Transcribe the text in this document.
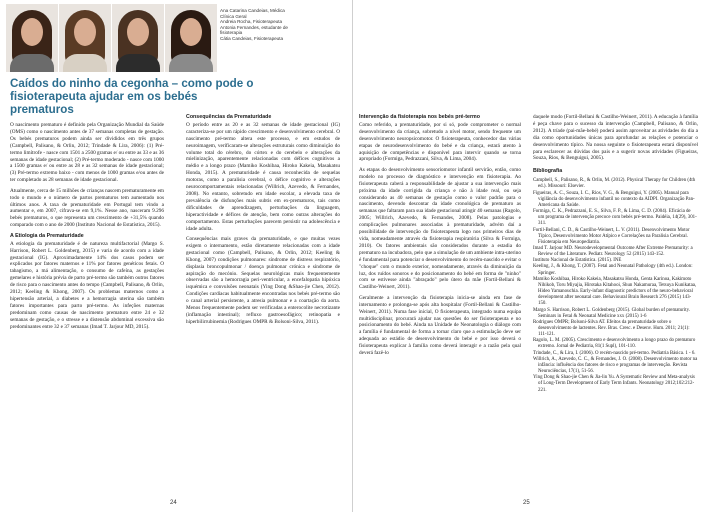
Ana Catarina Candeias, Médica
Clínica Geral
Andreia Rocha, Fisioterapeuta
Antonia Fernandes, estudante de
fisioterapia
Cátia Candeias, Fisioterapeuta
Caídos do ninho da cegonha – como pode o fisioterapeuta ajudar em os bebés prematuros

O nascimento prematuro é definido pela Organização Mundial da Saúde (OMS) como o nascimento antes de 37 semanas completas de gestação. Os bebés prematuros podem ainda ser divididos em três grupos (Campbell, Palisano, & Orlin, 2012; Trindade & Lira, 2006): (1) Pré-termo limítrofe - nasce com 1501 a 2500 gramas e/ ou entre as 33 e as 36 semanas de idade gestacional; (2) Pré-termo moderado - nasce com 1000 a 1500 gramas e/ ou entre as 28 e as 32 semanas de idade gestacional; (3) Pré-termo extremo baixo - com menos de 1000 gramas e/ou antes de ter completado as 28 semanas de idade gestacional.

Atualmente, cerca de 15 milhões de crianças nascem prematuramente em todo o mundo e o número de partos prematuros tem aumentado nos últimos anos. A taxa de prematuridade em Portugal tem vindo a aumentar e, em 2007, cifrava-se em 9,1%. Nesse ano, nasceram 9.296 bebés prematuros, o que representa um crescimento de +31,5% quando comparado com o ano de 2000 (Instituto Nacional de Estatística, 2015).

A Etiologia da Prematuridade

A etiologia da prematuridade é de natureza multifactorial (Margo S. Harrison, Robert L. Goldenberg, 2015) e varia de acordo com a idade gestacional (IG). Aproximadamente 14% dos casos podem ser explicados por fatores maternos e 11% por fatores genéticos fetais. O tabagismo, a má alimentação, o consumo de cafeína, as gestações gemelares e história prévia de parto pré-termo são também outros fatores de risco para o nascimento antes do tempo (Campbell, Palisano, & Orlin, 2012; Keeling & Khong, 2007). Os problemas maternos como a hipertensão arterial, a diabetes e a hemorragia uterina são também fatores importantes para parto pré-termo. As infeções maternas predominam como causas de nascimento prematuro entre 24 e 32 semanas de gestação, e o stresse e a distensão abdominal excessiva são predominantes entre 32 e 37 semanas (Imad T. Jarjour MD, 2015).

Consequências da Prematuridade

O período entre as 20 e as 32 semanas de idade gestacional (IG) caracteriza-se por um rápido crescimento e desenvolvimento cerebral. O nascimento pré-termo altera este processo, e em estudos de neuroimagem, verificaram-se alterações estruturais como diminuição do volume total do cérebro, do córtex e do cerebelo e alterações da mielinização, aparentemente relacionadas com défices cognitivos a médio e a longo prazo (Mamiko Koshibaa, Hiroko Kakeia, Masakatsu Honda, 2015). A prematuridade é causa reconhecida de sequelas motoras, como a paralisia cerebral, o défice cognitivo e alterações neurocomportamentais relacionadas (Willrich, Azevedo, & Fernandes, 2008). No entanto, sobretudo em idade escolar, a elevada taxa de prevalência de disfunções mais subtis em ex-prematuros, tais como dificuldades de aprendizagem, perturbações da linguagem, hiperactividade e défices de atenção, bem como outras alterações do comportamento. Estas perturbações parecem persistir na adolescência e idade adulta.

Consequências mais graves da prematuridade, e que muitas vezes exigem o internamento, estão diretamente relacionadas com a idade gestacional como (Campbell, Palisano, & Orlin, 2012; Keeling & Khong, 2007) condições pulmonares: síndrome de distress respiratório, displasia broncopulmonar / doença pulmonar crónica e síndrome de aspiração do mecónio. Sequelas neurológicas mais frequentemente observadas são a hemorragia peri-ventricular, a encefalopatia hipóxica isquémica e convulsões neonatais (Ying Dong &Shao-jie Chen, 2012). Condições cardíacas habitualmente encontradas nos bebés pré-termo são o canal arterial persistente, a atresia pulmonar e a coartação da aorta. Menos frequentemente podem ser verificadas a enterocolite necrotizante (inflamação intestinal); refluxo gastroesofágico; retinopatia e hiperbilirrubinemia (Rodrigues OMPR & Bolsoni-Silva, 2011).

24
Intervenção da fisioterapia nos bebés pré-termo

Como referido, a prematuridade, por si só, pode comprometer o normal desenvolvimento da criança, sobretudo a nível motor, sendo frequente um desenvolvimento neuropsicomotor. O fisioterapeuta, conhecedor das várias etapas de neurodesenvolvimento do bebé e da criança, estará atento à aquisição de competências e disponível para intervir quando se torna apropriado (Formiga, Pedrazzani, Silva, & Lima, 2004).

As etapas do desenvolvimento sensoriomotor infantil servirão, então, como modelo no processo de diagnóstico e intervenção em fisioterapia. Ao fisioterapeuta caberá a responsabilidade de ajustar a sua intervenção mais próxima da idade corrigida da criança e não à idade real, ou seja considerando as 40 semanas de gestação como o valor padrão para o nascimento, devendo descontar da idade cronológica de prematuro as semanas que faltaram para sua idade gestacional atingir 40 semanas (Ragolo, 2005; Willrich, Azevedo, & Fernandes, 2008). Pelas patologias e complicações pulmonares associadas à prematuridade, advém daí a possibilidade de intervenção do fisioterapeuta logo nos primeiros dias de vida, nomeadamente através da fisioterapia respiratória (Silva & Formiga, 2010). Os fatores ambientais são considerados durante a estadia do prematuro na incubadora, pelo que a simulação de um ambiente intra-uterino é fundamental para potenciar o desenvolvimento do recém-nascido e evitar o "choque" com o mundo exterior, nomeadamente, através da diminuição da luz, dos ruídos sonoros e do posicionamento do bebé em forma de "ninho" com se estivesse ainda "abraçado" pelo útero da mãe (Fortil-Bellani & Castilho-Weinert, 2011).

Geralmente a intervenção da fisioterapia inicia-se ainda em fase de internamento e prolonga-se após alta hospitalar (Fortil-Bellani & Castilho-Weinert, 2011). Numa fase inicial, O fisioterapeuta, integrado numa equipa multidisciplinar, procurará ajudar nas questões do ser fisioterapeuta e no posicionamento do bebé. Ainda na Unidade de Neonatologia o diálogo com a família é fundamental de forma a tornar claro que a estimulação deve ser adequada ao estádio de desenvolvimento do bebé e por isso deverá o fisioterapeuta explicar à família como deverá interagir e a razão pela qual deverá fazê-lo

daquele modo (Fortil-Bellani & Castilho-Weinert, 2011). A educação à família é peça chave para o sucesso da intervenção (Campbell, Palisano, & Orlin, 2012). A tríade (pai-mãe-bebé) poderá assim aproveitar as atividades do dia a dia como oportunidades únicas para aprofundar as relações e potenciar o desenvolvimento típico. Na nossa seguinte o fisioterapeuta estará disponível para esclarecer as dúvidas dos pais e a sugerir novas atividades (Figueiras, Souza, Rios, & Benguigui, 2005).

Bibliografia

Campbell, S., Palisano, R., & Orlin, M. (2012). Physical Therapy for Children (4th ed.). Missouri: Elsevier.

Figueiras, A. C., Souza, I. C., Rios, V. G., & Benguigui, Y. (2005). Manual para vigilância do desenvolvimento infantil no contexto da AIDPI. Organização Pan-Americana da Saúde.

Formiga, C. K., Pedrazzani, E. S., Silva, F. P., & Lima, C. D. (2004). Eficácia de um programa de intervenção precoce com bebés pré-termo. Paidéia, 14(29), 301-311.

Fortil-Bellani, C. D., & Castilho-Weinert, L. V. (2011). Desenvolvimento Motor Típico, Desenvolvimento Motor Atípico e Correlações na Paralisia Cerebral. Fisioterapia em Neuropediatria.

Imad T. Jarjour MD. Neurodevelopmental Outcome After Extreme Prematurity: a Review of the Literature. Pediatr. Neurology 52 (2015) 143-152.

Instituto Nacional de Estatística. (2015). INE

Keeling, J., & Khong, T. (2007). Fetal and Neonatal Pathology (4th ed.). London: Springer.

Mamiko Koshibaa, Hiroko Kakeia, Masakatsu Honda, Genta Karinoa, Kakimoto Nihikob, Toru Miyajia, Hirotaka Kitahooi, Shun Nakamuraa, Tetsuya Kunikataa, Hideo Yamanouchia. Early-infant diagnostic predictors of the neuro-behavioral development after neonatal care. Behavioural Brain Research 276 (2015) 143-150.

Margo S. Harrison, Robert L. Goldenberg (2015). Global burden of prematurity. Seminars in Fetal & Neonatal Medicine xxx (2015) 1-6

Rodrigues OMPR; Bolsoni-Silva AT. Efeitos da prematuridade sobre o desenvolvimento de lactentes. Rev. Bras. Cresc. e Desenv. Hum. 2011; 21(1): 111-121.

Ragolo, L. M. (2005). Crescimento e desenvolvimento a longo prazo do prematuro extremo. Jornal de Pediatria, 81(1 Supl), 101-110.

Trindade, C., & Lira, I. (2006). O recém-nascido pré-termo. Pediatria Básica. 1 - 6.

Willrich, A., Azevedo, C. C., & Fernandes, J. O. (2008). Desenvolvimento motor na infância: influência dos fatores de risco e programas de intervenção. Revista Neurociências, 17(1), 51-56.

Ying Dong & Shao-jie Chen & Jia-lin Yu. A Systematic Review and Meta-analysis of Long-Term Development of Early Term Infants. Neonatology 2012;102:212-221.

25
